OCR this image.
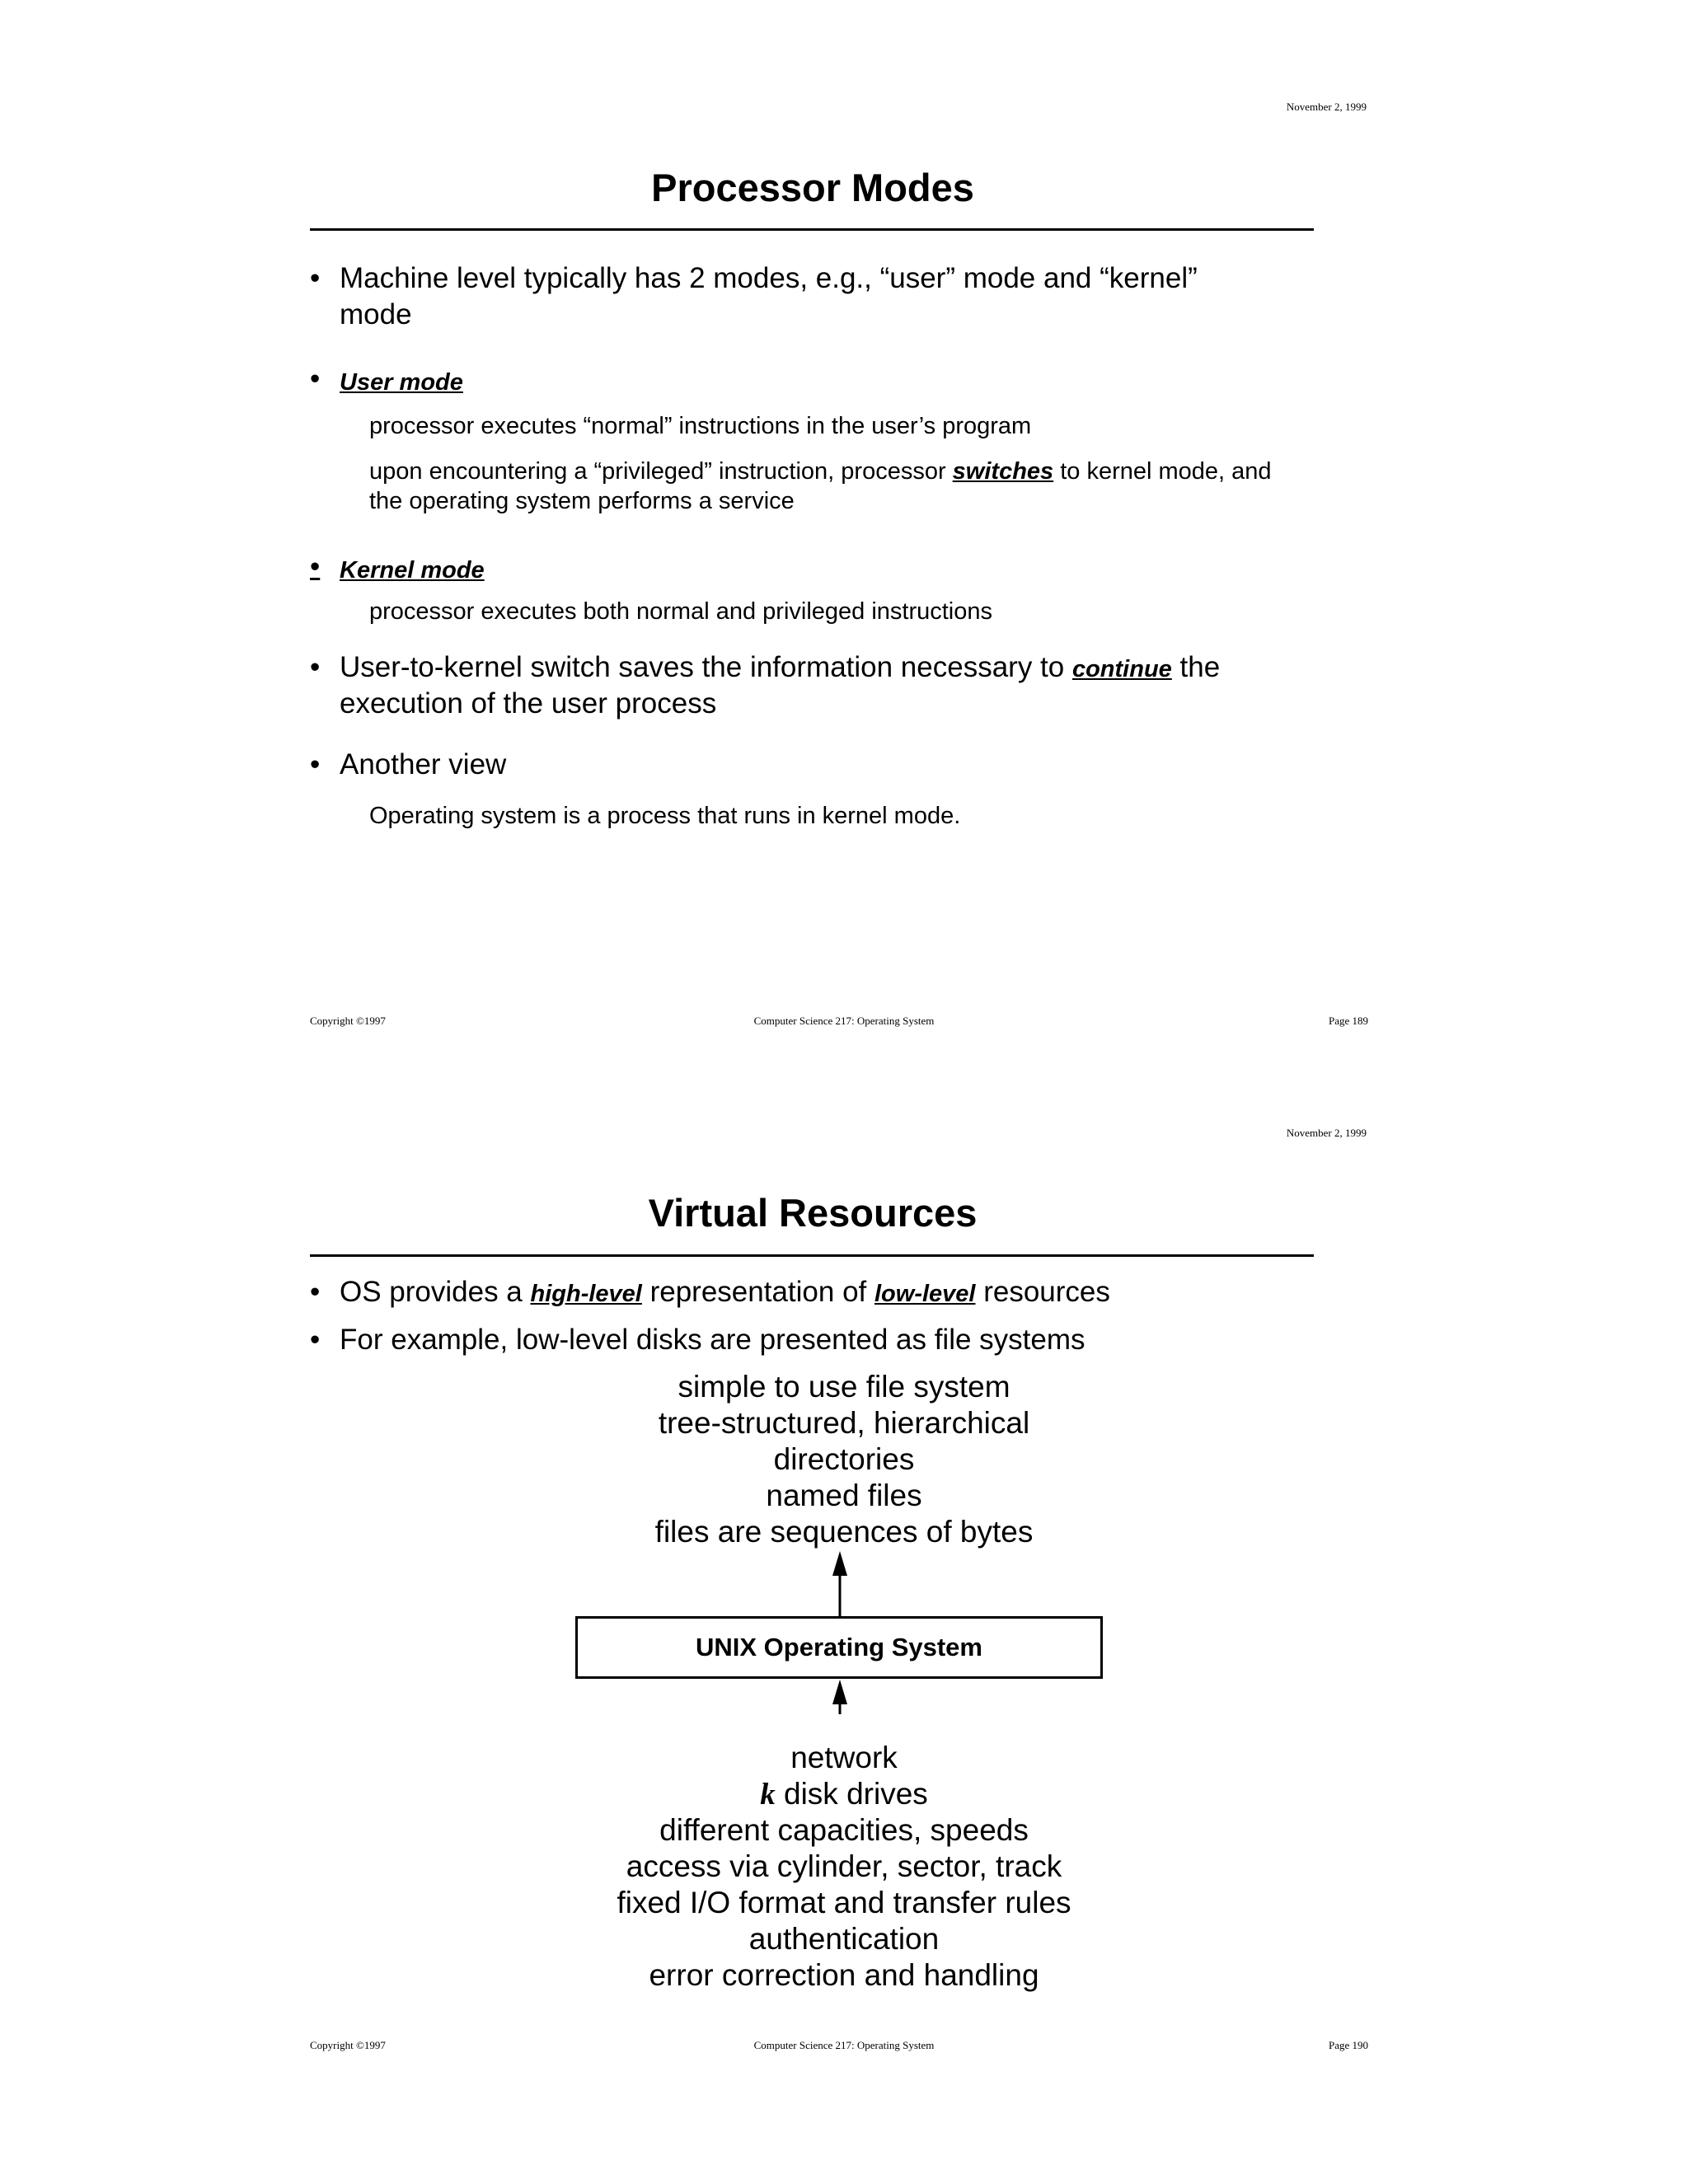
November 2, 1999
Processor Modes
• Machine level typically has 2 modes, e.g., “user” mode and “kernel”
mode
• User mode
processor executes “normal” instructions in the user’s program
upon encountering a “privileged” instruction, processor switches to kernel mode, and
the operating system performs a service
• Kernel mode
processor executes both normal and privileged instructions
• User-to-kernel switch saves the information necessary to continue the
execution of the user process
• Another view
Operating system is a process that runs in kernel mode.
Copyright ©1997	Computer Science 217: Operating System	Page 189
November 2, 1999
Virtual Resources
• OS provides a high-level representation of low-level resources
• For example, low-level disks are presented as file systems
simple to use file system
tree-structured, hierarchical
directories
named files
files are sequences of bytes
UNIX Operating System
network
k disk drives
different capacities, speeds
access via cylinder, sector, track
fixed I/O format and transfer rules
authentication
error correction and handling
Copyright ©1997	Computer Science 217: Operating System	Page 190
